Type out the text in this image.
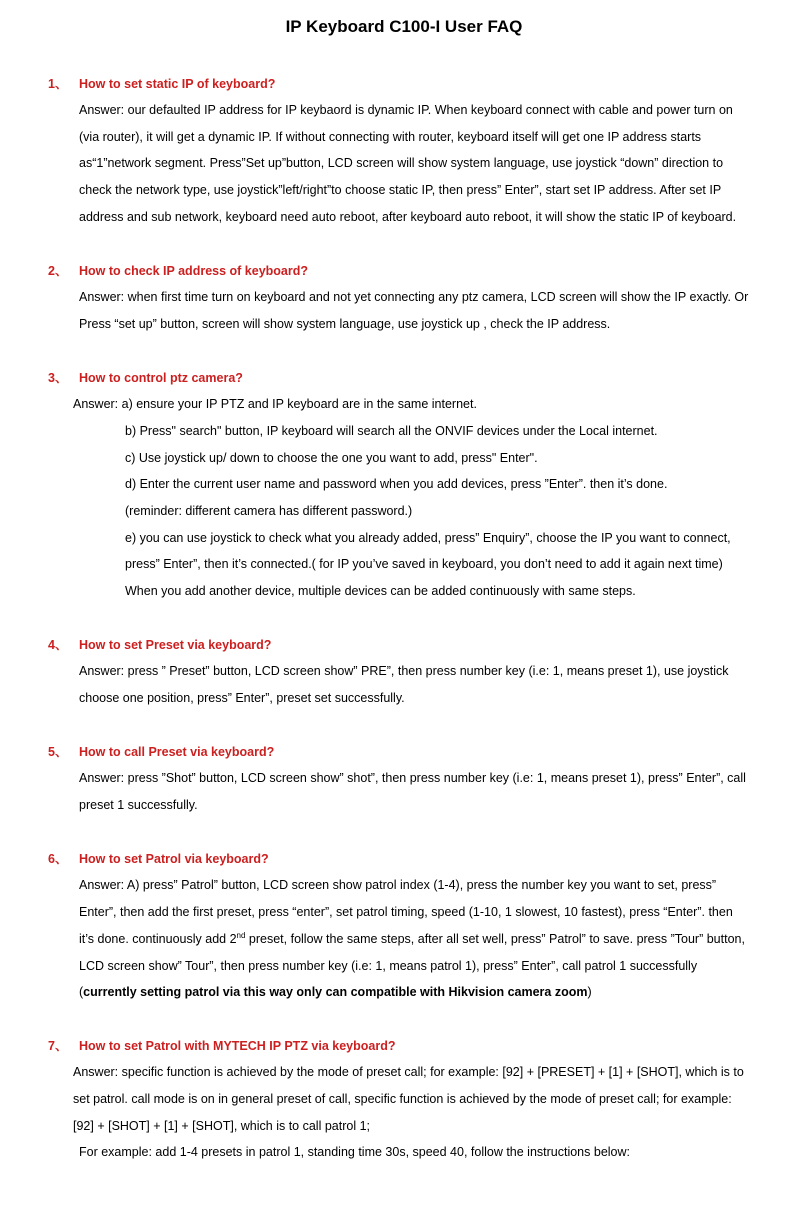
IP Keyboard C100-I User FAQ
1、 How to set static IP of keyboard?
Answer: our defaulted IP address for IP keybaord is dynamic IP. When keyboard connect with cable and power turn on
(via router), it will get a dynamic IP. If without connecting with router, keyboard itself will get one IP address starts
as“1”network segment. Press”Set up”button, LCD screen will show system language, use joystick “down” direction to
check the network type, use joystick”left/right”to choose static IP, then press” Enter”, start set IP address. After set IP
address and sub network, keyboard need auto reboot, after keyboard auto reboot, it will show the static IP of keyboard.
2、 How to check IP address of keyboard?
Answer: when first time turn on keyboard and not yet connecting any ptz camera, LCD screen will show the IP exactly. Or
Press “set up” button, screen will show system language, use joystick up , check the IP address.
3、 How to control ptz camera?
Answer: a) ensure your IP PTZ and IP keyboard are in the same internet.
b) Press" search" button, IP keyboard will search all the ONVIF devices under the Local internet.
c) Use joystick up/ down to choose the one you want to add, press" Enter".
d) Enter the current user name and password when you add devices, press ”Enter”. then it’s done.
(reminder: different camera has different password.)
e) you can use joystick to check what you already added, press” Enquiry”, choose the IP you want to connect,
press” Enter”, then it’s connected.( for IP you’ve saved in keyboard, you don’t need to add it again next time)
When you add another device, multiple devices can be added continuously with same steps.
4、 How to set Preset via keyboard?
Answer: press ” Preset” button, LCD screen show” PRE”, then press number key (i.e: 1, means preset 1), use joystick
choose one position, press” Enter”, preset set successfully.
5、 How to call Preset via keyboard?
Answer: press ”Shot” button, LCD screen show” shot”, then press number key (i.e: 1, means preset 1), press” Enter”, call
preset 1 successfully.
6、 How to set Patrol via keyboard?
Answer: A) press” Patrol” button, LCD screen show patrol index (1-4), press the number key you want to set, press”
Enter”, then add the first preset, press “enter”, set patrol timing, speed (1-10, 1 slowest, 10 fastest), press “Enter”. then
it’s done. continuously add 2nd preset, follow the same steps, after all set well, press” Patrol” to save. press ”Tour” button,
LCD screen show” Tour”, then press number key (i.e: 1, means patrol 1), press” Enter”, call patrol 1 successfully
(currently setting patrol via this way only can compatible with Hikvision camera zoom)
7、 How to set Patrol with MYTECH IP PTZ via keyboard?
Answer: specific function is achieved by the mode of preset call; for example: [92] + [PRESET] + [1] + [SHOT], which is to
set patrol. call mode is on in general preset of call, specific function is achieved by the mode of preset call; for example:
[92] + [SHOT] + [1] + [SHOT], which is to call patrol 1;
For example: add 1-4 presets in patrol 1, standing time 30s, speed 40, follow the instructions below:
